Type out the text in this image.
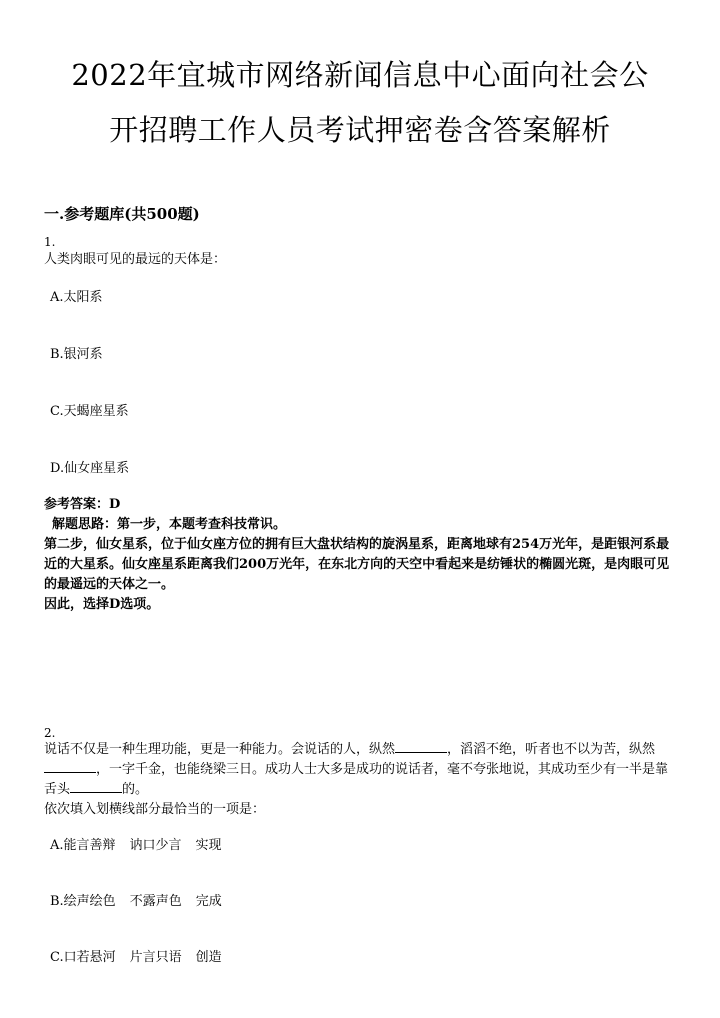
2022年宜城市网络新闻信息中心面向社会公
开招聘工作人员考试押密卷含答案解析
一.参考题库(共500题)
1.
人类肉眼可见的最远的天体是：
A.太阳系
B.银河系
C.天蝎座星系
D.仙女座星系

参考答案：D

解题思路：第一步，本题考查科技常识。

第二步，仙女星系，位于仙女座方位的拥有巨大盘状结构的旋涡星系，距离地球有254万光年，是距银河系最近的大星系。仙女座星系距离我们200万光年，在东北方向的天空中看起来是纺锤状的椭圆光斑，是肉眼可见的最遥远的天体之一。

因此，选择D选项。

2.
说话不仅是一种生理功能，更是一种能力。会说话的人，纵然	，滔滔不绝，听者也不以为苦，纵然，一字千金，也能绕梁三日。成功人士大多是成功的说话者，毫不夸张地说，其成功至少有一半是靠舌头	的。
依次填入划横线部分最恰当的一项是：
A.能言善辩 讷口少言 实现
B.绘声绘色 不露声色 完成
C.口若悬河 片言只语 创造
